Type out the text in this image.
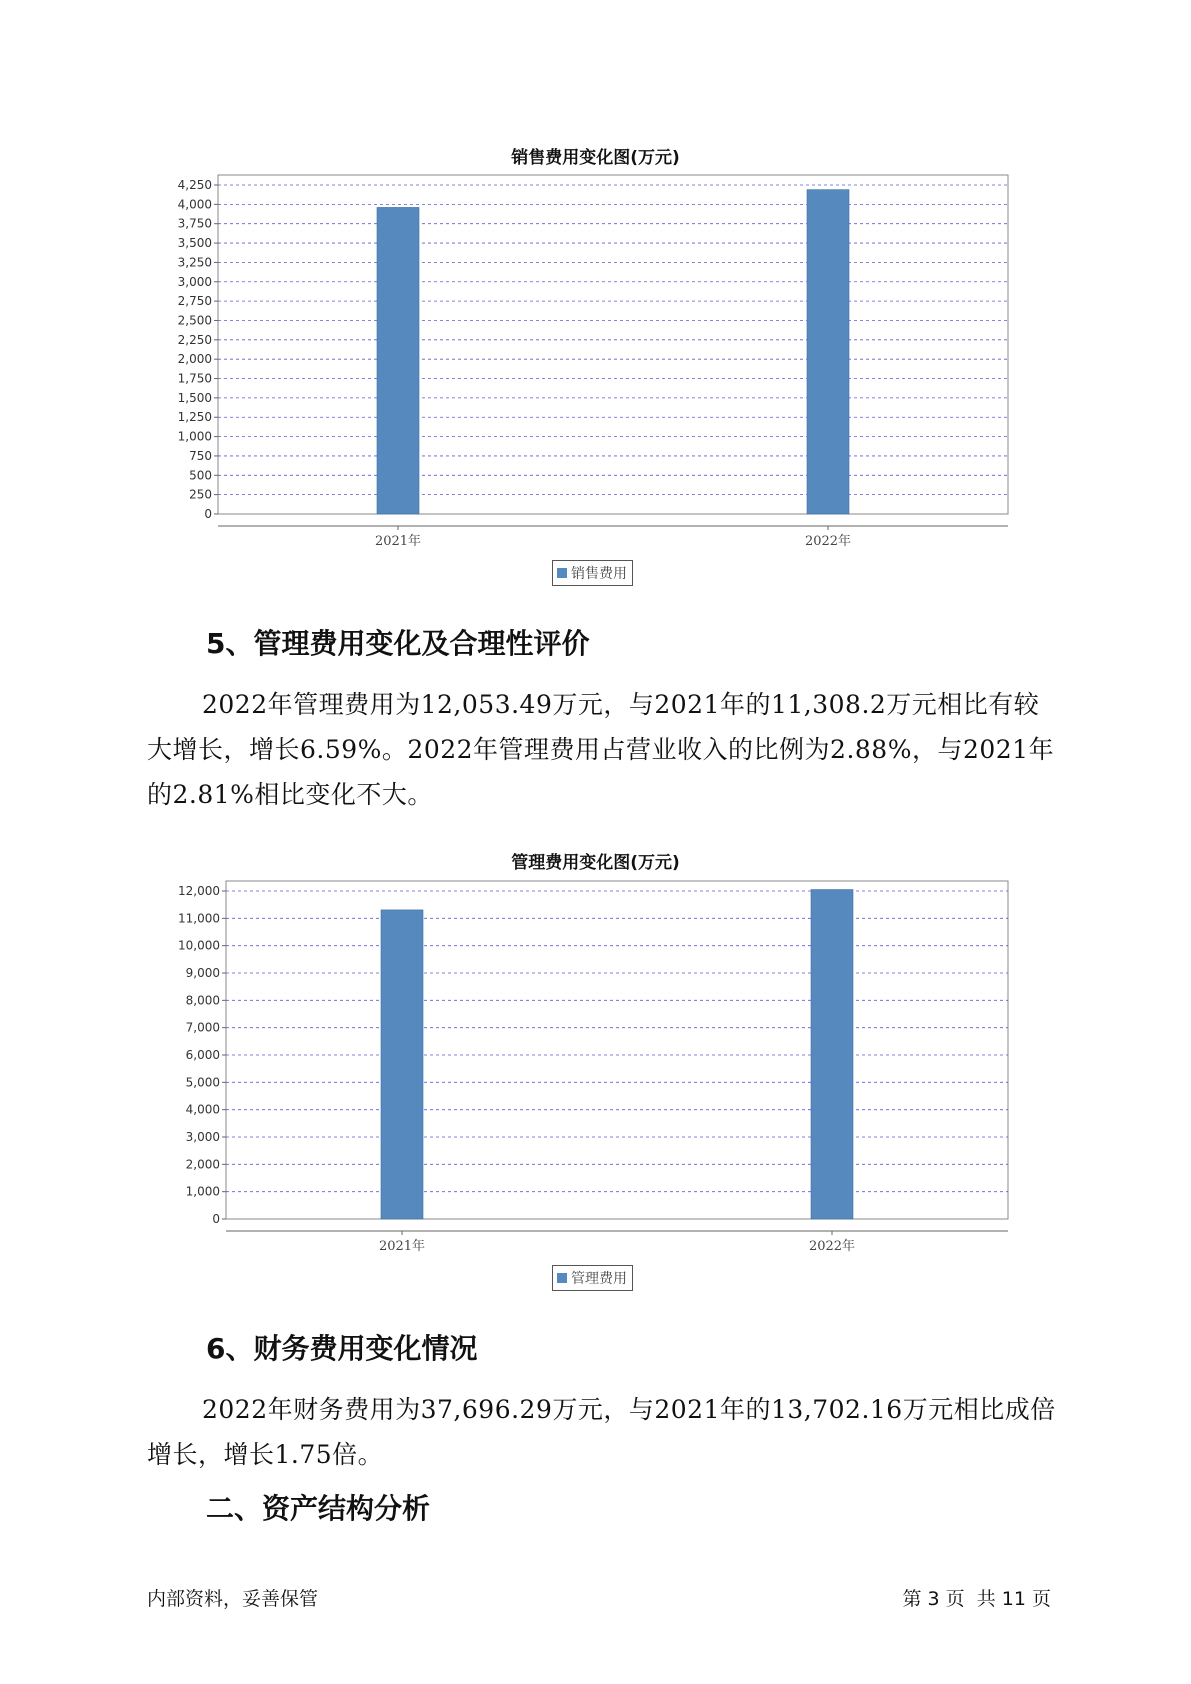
销售费用变化图(万元)
0
250
500
750
1,000
1,250
1,500
1,750
2,000
2,250
2,500
2,750
3,000
3,250
3,500
3,750
4,000
4,250
2021年	2022年
销售费用
5、管理费用变化及合理性评价

2022年管理费用为12,053.49万元，与2021年的11,308.2万元相比有较大增长，增长6.59%。2022年管理费用占营业收入的比例为2.88%，与2021年的2.81%相比变化不大。

管理费用变化图(万元)
0
1,000
2,000
3,000
4,000
5,000
6,000
7,000
8,000
9,000
10,000
11,000
12,000
2021年	2022年
管理费用
6、财务费用变化情况

2022年财务费用为37,696.29万元，与2021年的13,702.16万元相比成倍增长，增长1.75倍。

二、资产结构分析
内部资料，妥善保管	第 3 页  共 11 页
